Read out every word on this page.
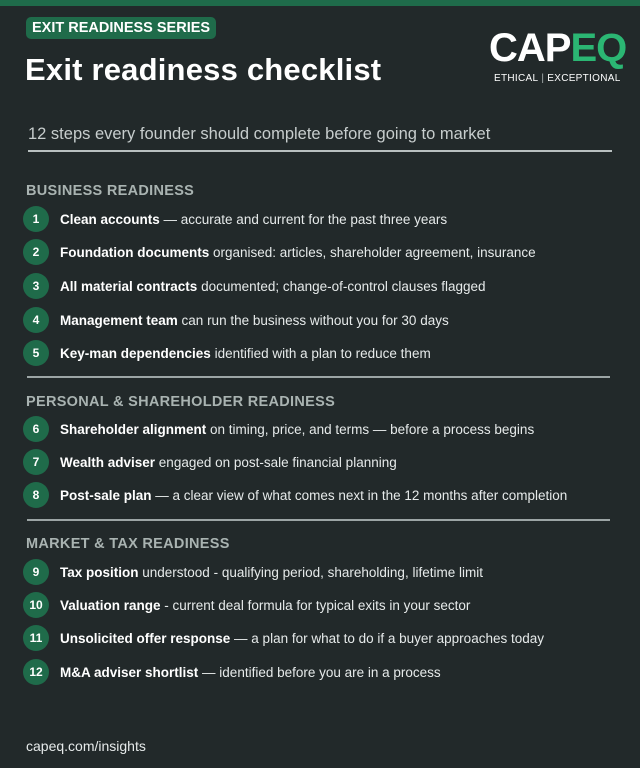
EXIT READINESS SERIES
Exit readiness checklist	CAPEQ
ETHICAL | EXCEPTIONAL
12 steps every founder should complete before going to market
BUSINESS READINESS
1	Clean accounts — accurate and current for the past three years
2	Foundation documents organised: articles, shareholder agreement, insurance
3	All material contracts documented; change-of-control clauses flagged
4	Management team can run the business without you for 30 days
5	Key-man dependencies identified with a plan to reduce them
PERSONAL & SHAREHOLDER READINESS
6	Shareholder alignment on timing, price, and terms — before a process begins
7	Wealth adviser engaged on post-sale financial planning
8	Post-sale plan — a clear view of what comes next in the 12 months after completion
MARKET & TAX READINESS
9	Tax position understood - qualifying period, shareholding, lifetime limit
10	Valuation range - current deal formula for typical exits in your sector
11	Unsolicited offer response — a plan for what to do if a buyer approaches today
12	M&A adviser shortlist — identified before you are in a process
capeq.com/insights
